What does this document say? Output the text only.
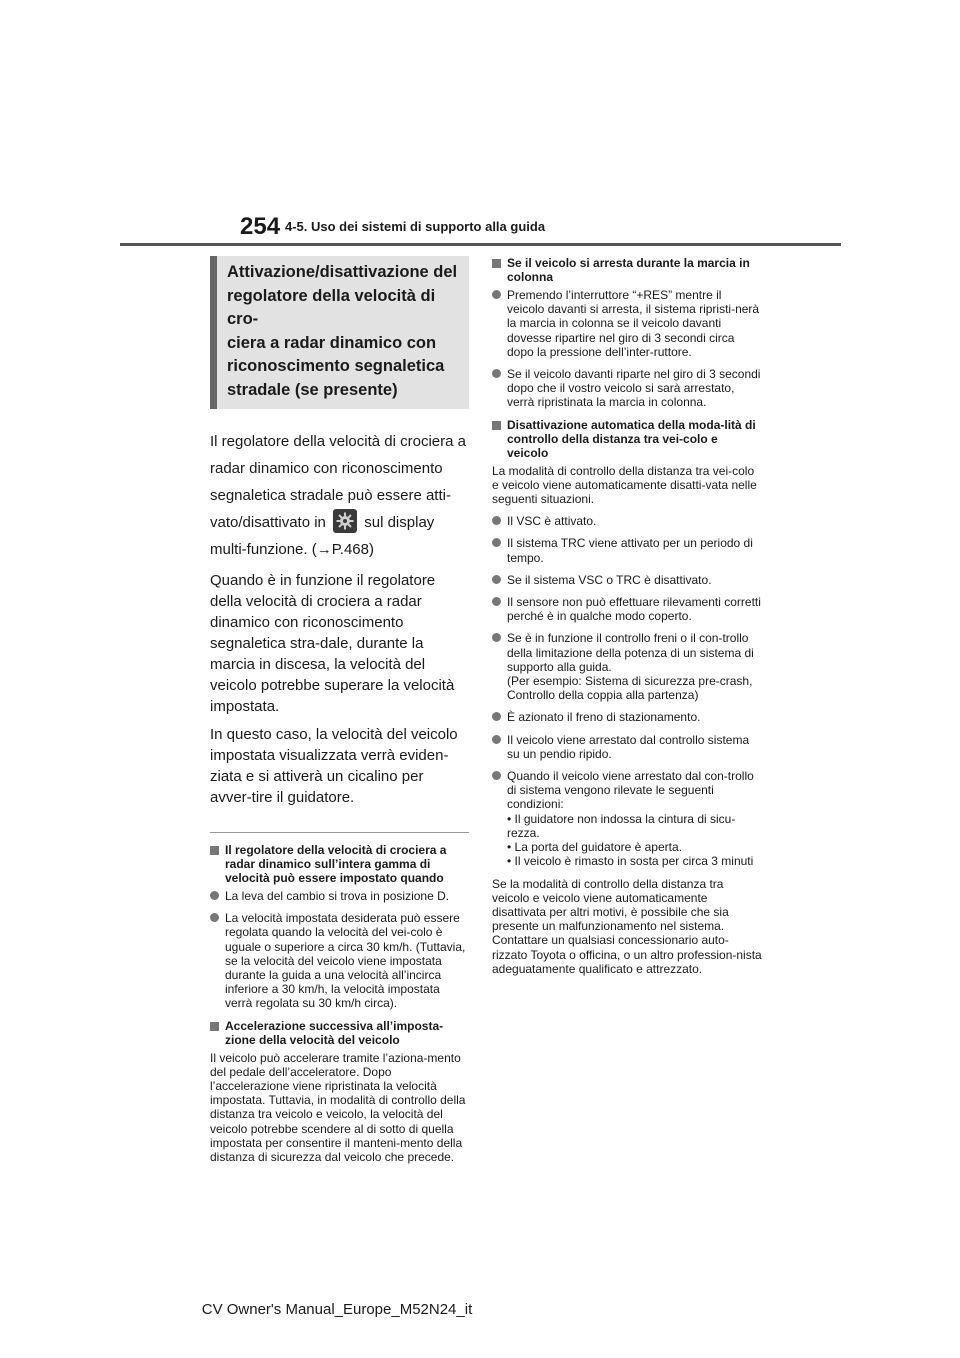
254 4-5. Uso dei sistemi di supporto alla guida
Attivazione/disattivazione del
regolatore della velocità di cro-
ciera a radar dinamico con
riconoscimento segnaletica
stradale (se presente)

Il regolatore della velocità di crociera a radar dinamico con riconoscimento segnaletica stradale può essere atti-vato/disattivato in	sul display multi-funzione. (→P.468)

Quando è in funzione il regolatore della velocità di crociera a radar dinamico con riconoscimento segnaletica stra-dale, durante la marcia in discesa, la velocità del veicolo potrebbe superare la velocità impostata.

In questo caso, la velocità del veicolo impostata visualizzata verrà eviden-ziata e si attiverà un cicalino per avver-tire il guidatore.

Il regolatore della velocità di crociera a radar dinamico sull’intera gamma di velocità può essere impostato quando
La leva del cambio si trova in posizione D.
La velocità impostata desiderata può essere regolata quando la velocità del vei-colo è uguale o superiore a circa 30 km/h. (Tuttavia, se la velocità del veicolo viene impostata durante la guida a una velocità all’incirca inferiore a 30 km/h, la velocità impostata verrà regolata su 30 km/h circa).
Accelerazione successiva all’imposta-zione della velocità del veicolo

Il veicolo può accelerare tramite l’aziona-mento del pedale dell’acceleratore. Dopo l’accelerazione viene ripristinata la velocità impostata. Tuttavia, in modalità di controllo della distanza tra veicolo e veicolo, la velocità del veicolo potrebbe scendere al di sotto di quella impostata per consentire il manteni-mento della distanza di sicurezza dal veicolo che precede.

Se il veicolo si arresta durante la marcia in colonna
Premendo l’interruttore “+RES” mentre il veicolo davanti si arresta, il sistema ripristi-nerà la marcia in colonna se il veicolo davanti dovesse ripartire nel giro di 3 secondi circa dopo la pressione dell’inter-ruttore.
Se il veicolo davanti riparte nel giro di 3 secondi dopo che il vostro veicolo si sarà arrestato, verrà ripristinata la marcia in colonna.
Disattivazione automatica della moda-lità di controllo della distanza tra vei-colo e veicolo

La modalità di controllo della distanza tra vei-colo e veicolo viene automaticamente disatti-vata nelle seguenti situazioni.

Il VSC è attivato.
Il sistema TRC viene attivato per un periodo di tempo.
Se il sistema VSC o TRC è disattivato.
Il sensore non può effettuare rilevamenti corretti perché è in qualche modo coperto.
Se è in funzione il controllo freni o il con-trollo della limitazione della potenza di un sistema di supporto alla guida.
(Per esempio: Sistema di sicurezza pre-crash, Controllo della coppia alla partenza)
È azionato il freno di stazionamento.
Il veicolo viene arrestato dal controllo sistema su un pendio ripido.
Quando il veicolo viene arrestato dal con-trollo di sistema vengono rilevate le seguenti condizioni:
• Il guidatore non indossa la cintura di sicu-rezza.
• La porta del guidatore è aperta.
• Il veicolo è rimasto in sosta per circa 3 minuti

Se la modalità di controllo della distanza tra veicolo e veicolo viene automaticamente disattivata per altri motivi, è possibile che sia presente un malfunzionamento nel sistema. Contattare un qualsiasi concessionario auto-rizzato Toyota o officina, o un altro profession-nista adeguatamente qualificato e attrezzato.

CV Owner's Manual_Europe_M52N24_it
